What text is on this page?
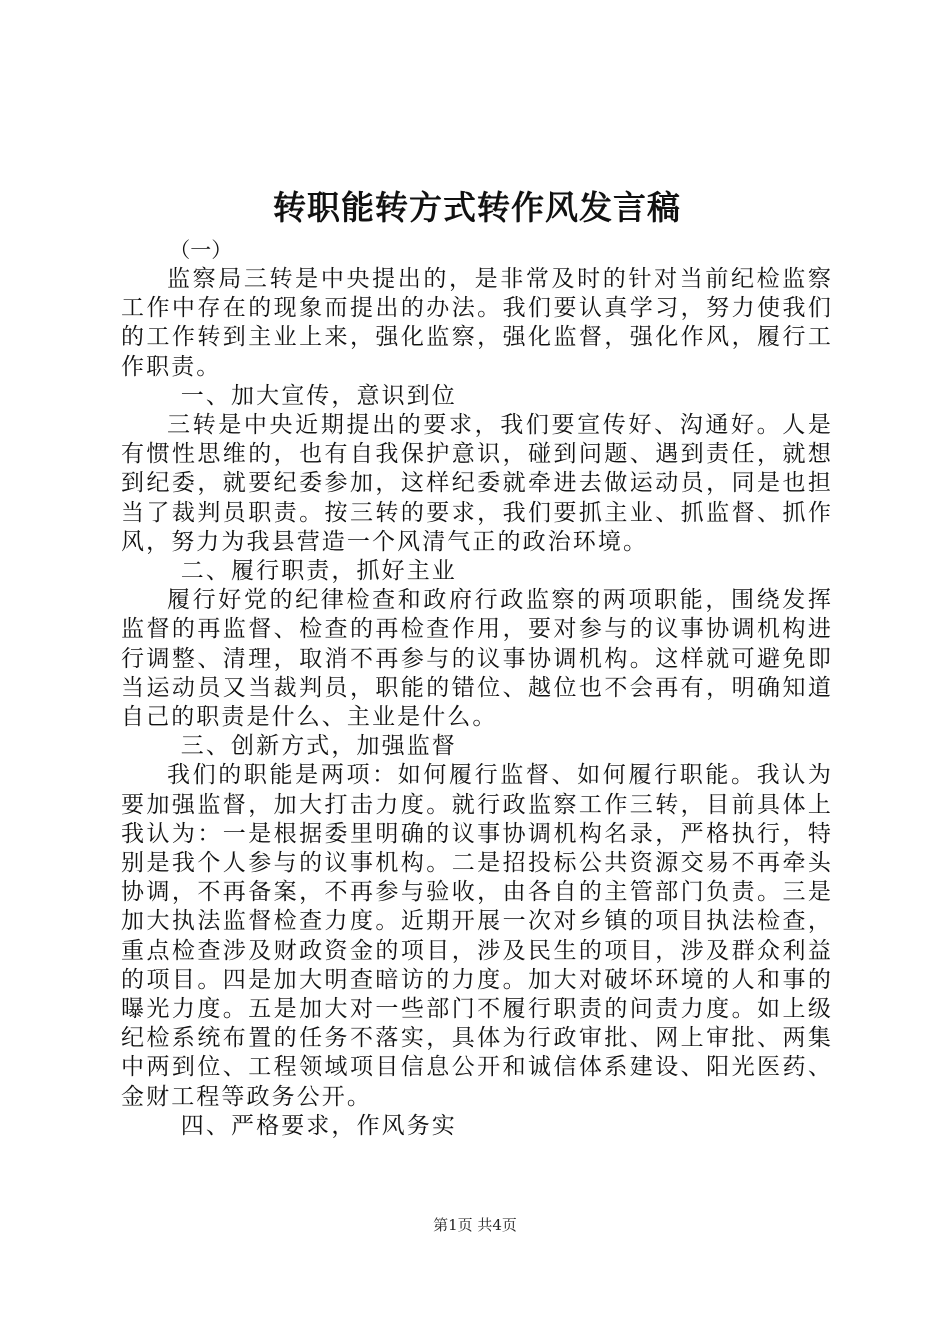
转职能转方式转作风发言稿

（一）

监察局三转是中央提出的，是非常及时的针对当前纪检监察工作中存在的现象而提出的办法。我们要认真学习，努力使我们的工作转到主业上来，强化监察，强化监督，强化作风，履行工作职责。

一、加大宣传，意识到位

三转是中央近期提出的要求，我们要宣传好、沟通好。人是有惯性思维的，也有自我保护意识，碰到问题、遇到责任，就想到纪委，就要纪委参加，这样纪委就牵进去做运动员，同是也担当了裁判员职责。按三转的要求，我们要抓主业、抓监督、抓作风，努力为我县营造一个风清气正的政治环境。

二、履行职责，抓好主业

履行好党的纪律检查和政府行政监察的两项职能，围绕发挥监督的再监督、检查的再检查作用，要对参与的议事协调机构进行调整、清理，取消不再参与的议事协调机构。这样就可避免即当运动员又当裁判员，职能的错位、越位也不会再有，明确知道自己的职责是什么、主业是什么。

三、创新方式，加强监督

我们的职能是两项：如何履行监督、如何履行职能。我认为要加强监督，加大打击力度。就行政监察工作三转，目前具体上我认为：一是根据委里明确的议事协调机构名录，严格执行，特别是我个人参与的议事机构。二是招投标公共资源交易不再牵头协调，不再备案，不再参与验收，由各自的主管部门负责。三是加大执法监督检查力度。近期开展一次对乡镇的项目执法检查，重点检查涉及财政资金的项目，涉及民生的项目，涉及群众利益的项目。四是加大明查暗访的力度。加大对破坏环境的人和事的曝光力度。五是加大对一些部门不履行职责的问责力度。如上级纪检系统布置的任务不落实，具体为行政审批、网上审批、两集中两到位、工程领域项目信息公开和诚信体系建设、阳光医药、金财工程等政务公开。

四、严格要求，作风务实

第1页 共4页
